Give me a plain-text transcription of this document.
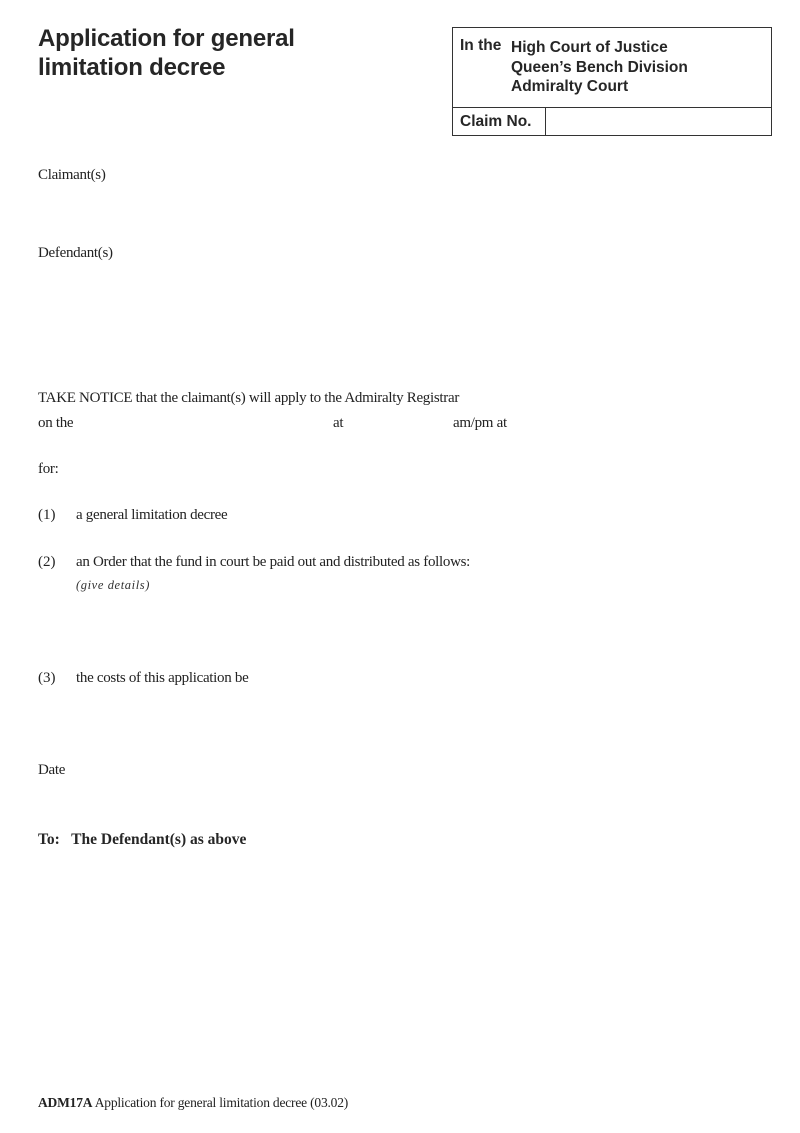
Application for general
limitation decree
In the High Court of Justice
Queen’s Bench Division
Admiralty Court
Claim No.
Claimant(s)
Defendant(s)
TAKE NOTICE that the claimant(s) will apply to the Admiralty Registrar
on the	at	am/pm at
for:
(1) a general limitation decree
(2) an Order that the fund in court be paid out and distributed as follows:
(give details)
(3) the costs of this application be
Date
To:   The Defendant(s) as above
ADM17A Application for general limitation decree (03.02)
